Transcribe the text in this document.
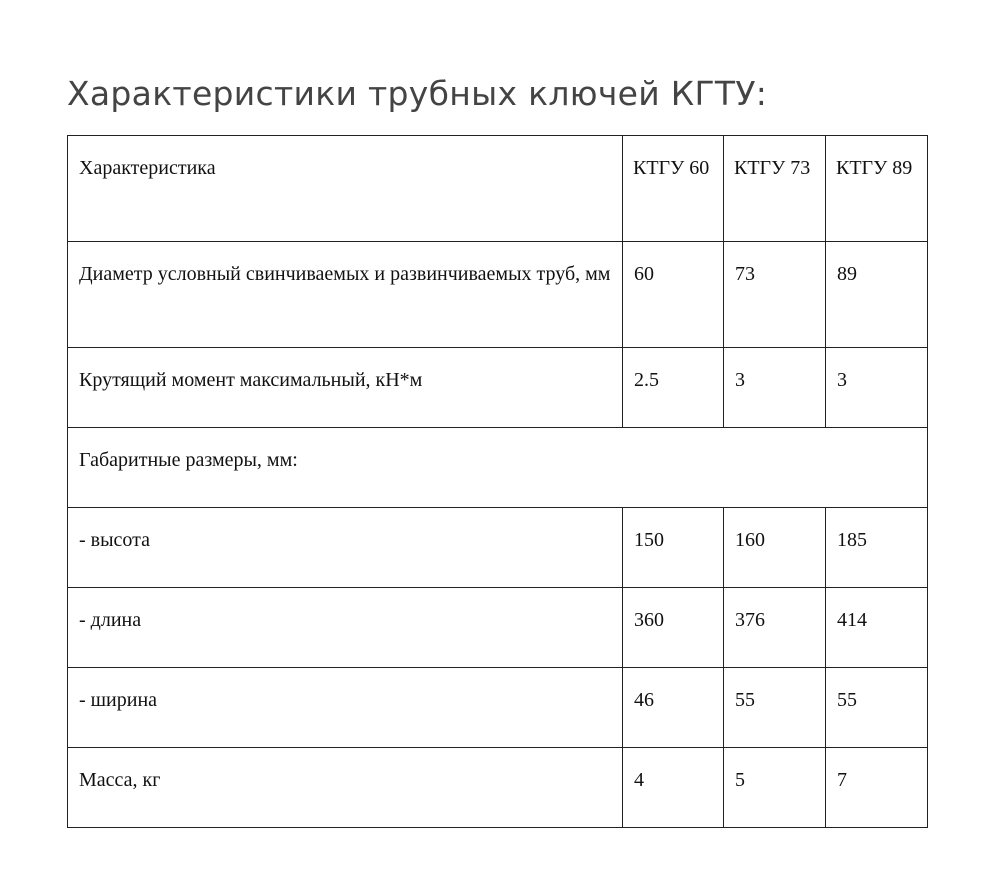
Характеристики трубных ключей КГТУ:
Характеристика	КТГУ 60	КТГУ 73	КТГУ 89
Диаметр условный свинчиваемых и развинчиваемых труб, мм	60	73	89
Крутящий момент максимальный, кН*м	2.5	3	3
Габаритные размеры, мм:			
- высота	150	160	185
- длина	360	376	414
- ширина	46	55	55
Масса, кг	4	5	7
